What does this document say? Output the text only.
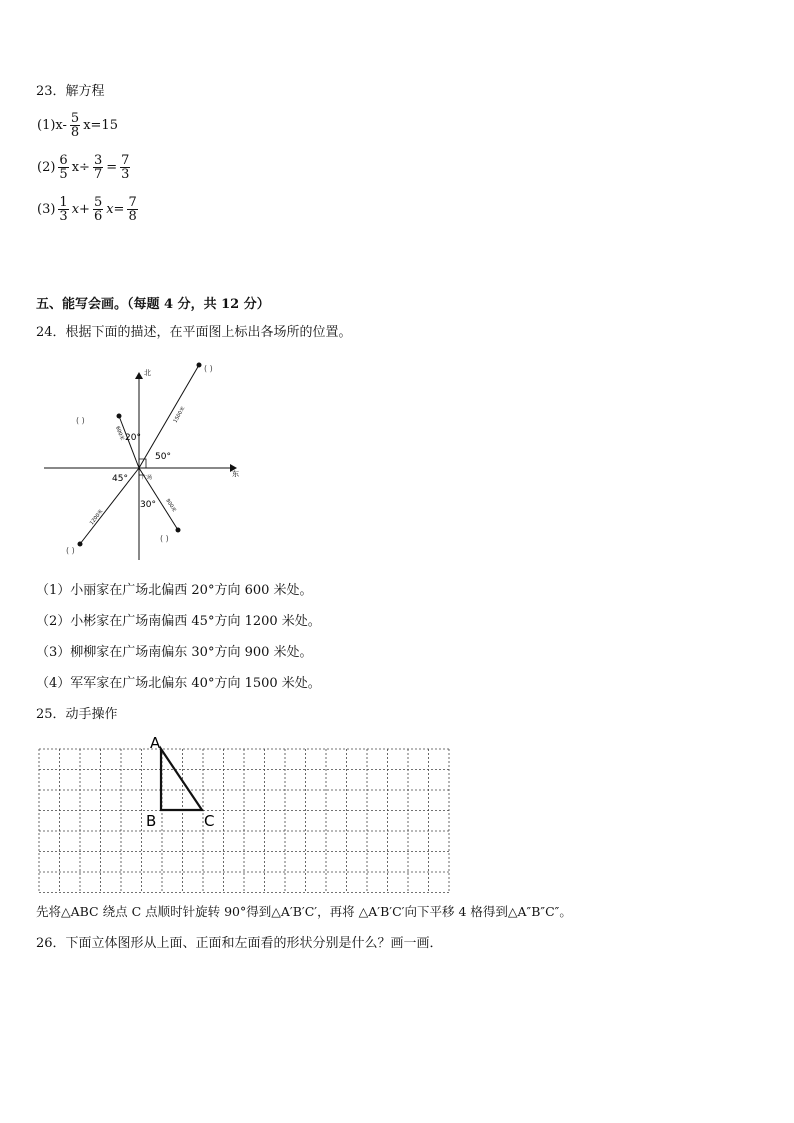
23．解方程
$(1)x- \frac{5}{8} x=15$
$(2) \frac{6}{5} x\div \frac{3}{7} = \frac{7}{3}$
$(3) \frac{1}{3} x+ \frac{5}{6} x= \frac{7}{8}$
五、能写会画。（每题 4 分，共 12 分）
24．根据下面的描述，在平面图上标出各场所的位置。
北
东
20°
50°
45°
30°
广场
1500米
600米
1200米
900米
( )
( )
( )
( )
（1）小丽家在广场北偏西 20°方向 600 米处。
（2）小彬家在广场南偏西 45°方向 1200 米处。
（3）柳柳家在广场南偏东 30°方向 900 米处。
（4）军军家在广场北偏东 40°方向 1500 米处。
25．动手操作
A
B	C
先将△ABC 绕点 C 点顺时针旋转 90°得到△A′B′C′，再将 △A′B′C′向下平移 4 格得到△A″B″C″。
26．下面立体图形从上面、正面和左面看的形状分别是什么？画一画．
